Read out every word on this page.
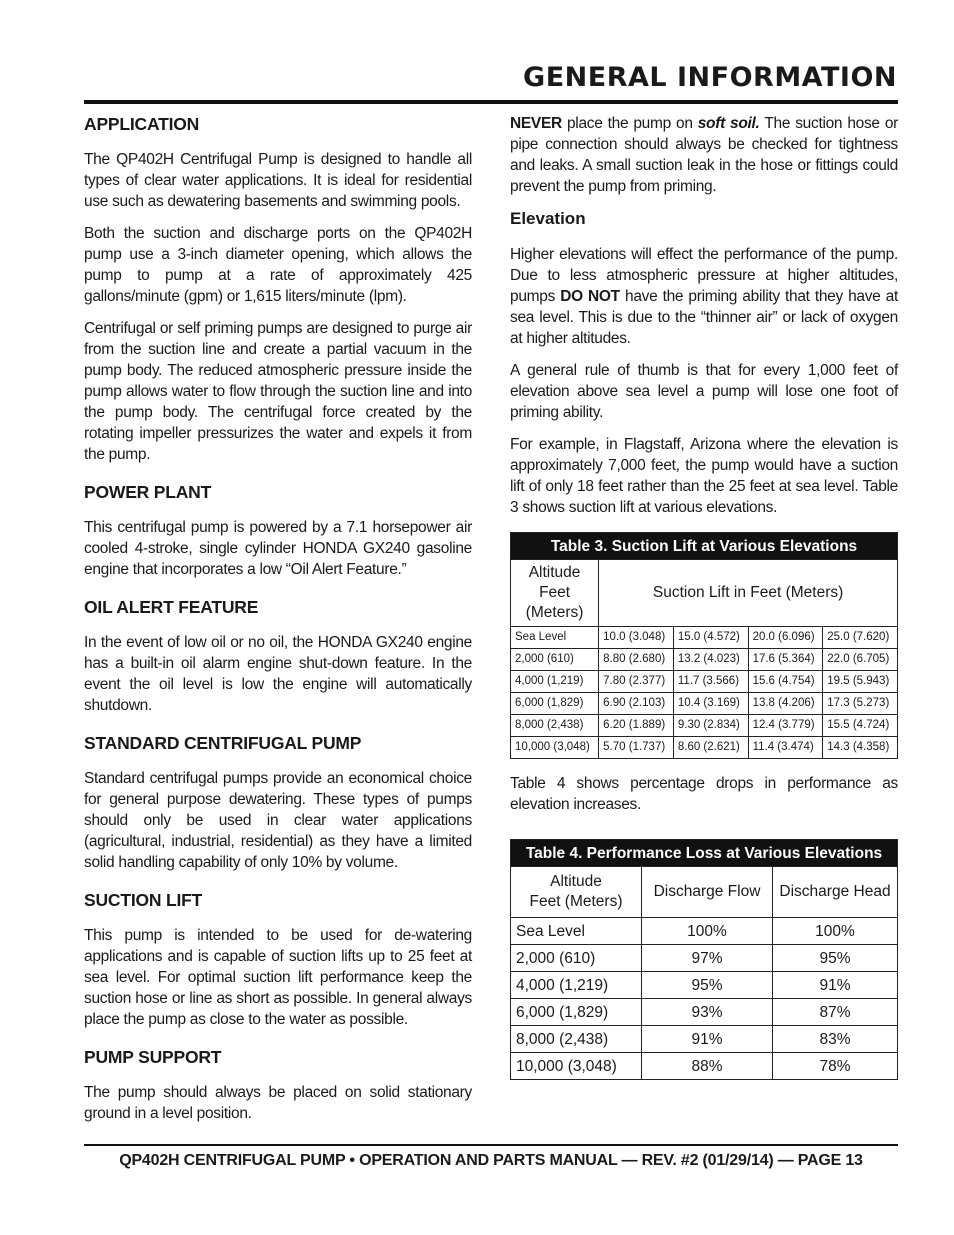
GENERAL INFORMATION
APPLICATION

The QP402H Centrifugal Pump is designed to handle all types of clear water applications. It is ideal for residential use such as dewatering basements and swimming pools.

Both the suction and discharge ports on the QP402H pump use a 3-inch diameter opening, which allows the pump to pump at a rate of approximately 425 gallons/minute (gpm) or 1,615 liters/minute (lpm).

Centrifugal or self priming pumps are designed to purge air from the suction line and create a partial vacuum in the pump body. The reduced atmospheric pressure inside the pump allows water to flow through the suction line and into the pump body. The centrifugal force created by the rotating impeller pressurizes the water and expels it from the pump.

POWER PLANT

This centrifugal pump is powered by a 7.1 horsepower air cooled 4-stroke, single cylinder HONDA GX240 gasoline engine that incorporates a low “Oil Alert Feature.”

OIL ALERT FEATURE

In the event of low oil or no oil, the HONDA GX240 engine has a built-in oil alarm engine shut-down feature. In the event the oil level is low the engine will automatically shutdown.

STANDARD CENTRIFUGAL PUMP

Standard centrifugal pumps provide an economical choice for general purpose dewatering. These types of pumps should only be used in clear water applications (agricultural, industrial, residential) as they have a limited solid handling capability of only 10% by volume.

SUCTION LIFT

This pump is intended to be used for de-watering applications and is capable of suction lifts up to 25 feet at sea level. For optimal suction lift performance keep the suction hose or line as short as possible. In general always place the pump as close to the water as possible.

PUMP SUPPORT

The pump should always be placed on solid stationary ground in a level position.

NEVER place the pump on soft soil. The suction hose or pipe connection should always be checked for tightness and leaks. A small suction leak in the hose or fittings could prevent the pump from priming.

Elevation

Higher elevations will effect the performance of the pump. Due to less atmospheric pressure at higher altitudes, pumps DO NOT have the priming ability that they have at sea level. This is due to the “thinner air” or lack of oxygen at higher altitudes.

A general rule of thumb is that for every 1,000 feet of elevation above sea level a pump will lose one foot of priming ability.

For example, in Flagstaff, Arizona where the elevation is approximately 7,000 feet, the pump would have a suction lift of only 18 feet rather than the 25 feet at sea level. Table 3 shows suction lift at various elevations.

Table 3. Suction Lift at Various Elevations				
Altitude
Feet
(Meters)	Suction Lift in Feet (Meters)			
Sea Level	10.0 (3.048)	15.0 (4.572)	20.0 (6.096)	25.0 (7.620)
2,000 (610)	8.80 (2.680)	13.2 (4.023)	17.6 (5.364)	22.0 (6.705)
4,000 (1,219)	7.80 (2.377)	11.7 (3.566)	15.6 (4.754)	19.5 (5.943)
6,000 (1,829)	6.90 (2.103)	10.4 (3.169)	13.8 (4.206)	17.3 (5.273)
8,000 (2,438)	6.20 (1.889)	9.30 (2.834)	12.4 (3.779)	15.5 (4.724)
10,000 (3,048)	5.70 (1.737)	8.60 (2.621)	11.4 (3.474)	14.3 (4.358)

Table 4 shows percentage drops in performance as elevation increases.

Table 4. Performance Loss at Various Elevations		
Altitude
Feet (Meters)	Discharge Flow	Discharge Head
Sea Level	100%	100%
2,000 (610)	97%	95%
4,000 (1,219)	95%	91%
6,000 (1,829)	93%	87%
8,000 (2,438)	91%	83%
10,000 (3,048)	88%	78%
QP402H CENTRIFUGAL PUMP • OPERATION AND PARTS MANUAL — REV. #2 (01/29/14) — PAGE 13
